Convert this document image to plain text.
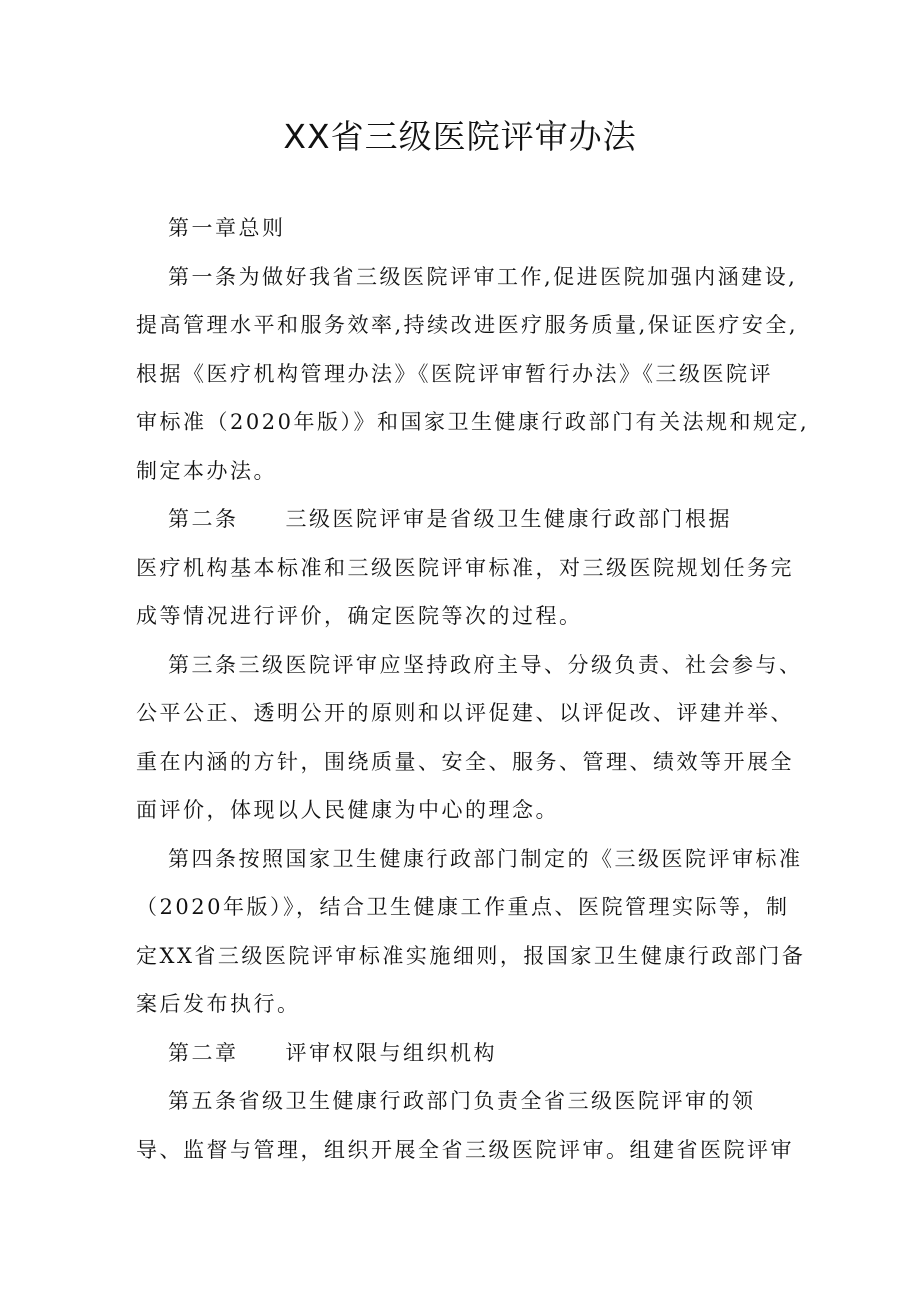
XX省三级医院评审办法
第一章总则
第一条为做好我省三级医院评审工作,促进医院加强内涵建设,
提高管理水平和服务效率,持续改进医疗服务质量,保证医疗安全,
根据《医疗机构管理办法》《医院评审暂行办法》《三级医院评
审标准（2020年版）》和国家卫生健康行政部门有关法规和规定,
制定本办法。
第二条　　三级医院评审是省级卫生健康行政部门根据
医疗机构基本标准和三级医院评审标准，对三级医院规划任务完
成等情况进行评价，确定医院等次的过程。
第三条三级医院评审应坚持政府主导、分级负责、社会参与、
公平公正、透明公开的原则和以评促建、以评促改、评建并举、
重在内涵的方针，围绕质量、安全、服务、管理、绩效等开展全
面评价，体现以人民健康为中心的理念。
第四条按照国家卫生健康行政部门制定的《三级医院评审标准
（2020年版）》，结合卫生健康工作重点、医院管理实际等，制
定XX省三级医院评审标准实施细则，报国家卫生健康行政部门备
案后发布执行。
第二章　　评审权限与组织机构
第五条省级卫生健康行政部门负责全省三级医院评审的领
导、监督与管理，组织开展全省三级医院评审。组建省医院评审
